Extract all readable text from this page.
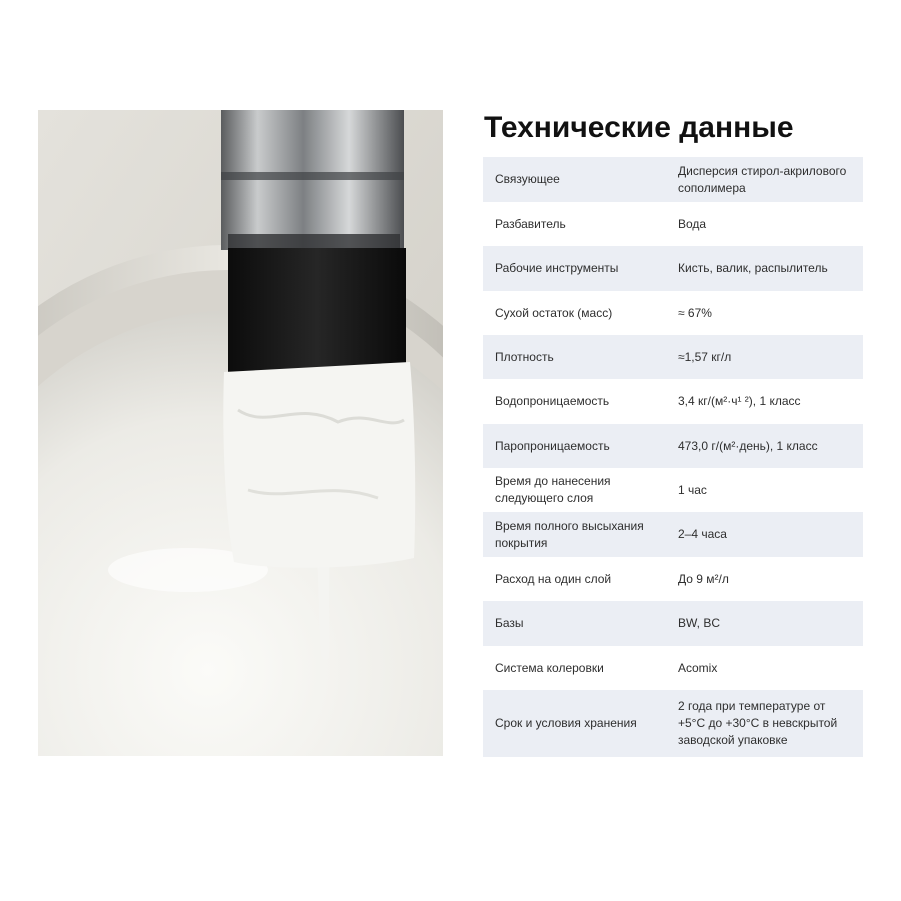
Технические данные
Связующее	Дисперсия стирол-акрилового сополимера
Разбавитель	Вода
Рабочие инструменты	Кисть, валик, распылитель
Сухой остаток (масс)	≈ 67%
Плотность	≈1,57 кг/л
Водопроницаемость	3,4 кг/(м²·ч¹ ²), 1 класс
Паропроницаемость	473,0 г/(м²·день), 1 класс
Время до нанесения следующего слоя	1 час
Время полного высыхания покрытия	2–4 часа
Расход на один слой	До 9 м²/л
Базы	BW, BC
Система колеровки	Acomix
Срок и условия хранения	2 года при температуре от +5°C до +30°C в невскрытой заводской упаковке
